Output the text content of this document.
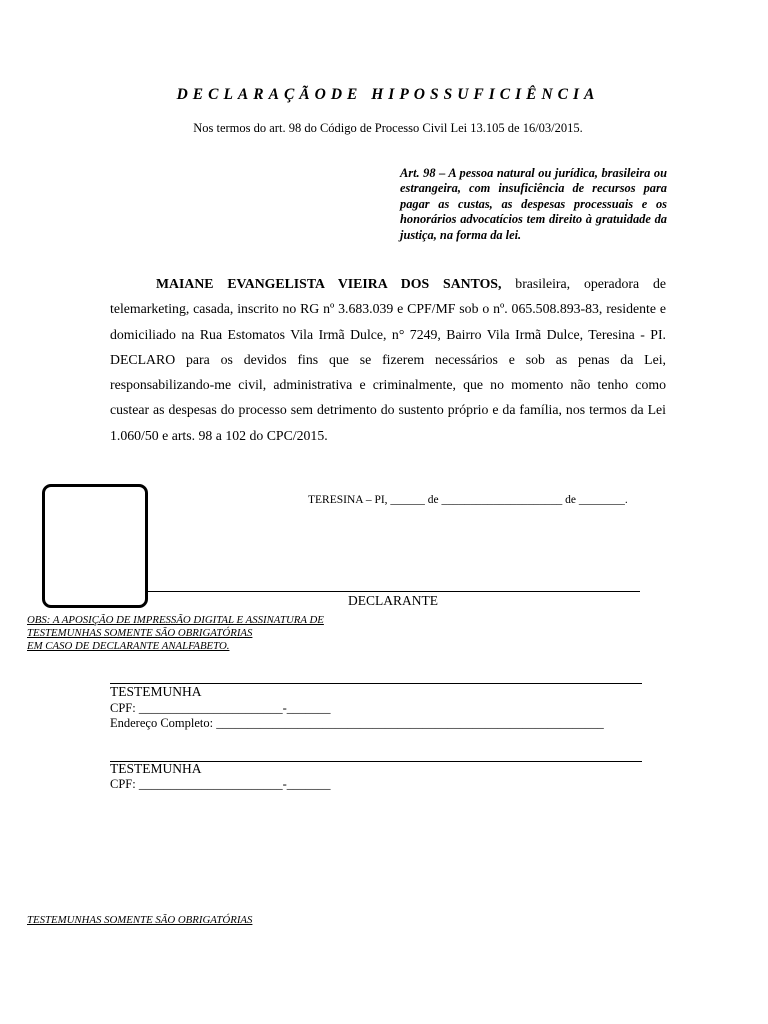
DECLARAÇÃODE HIPOSSUFICIÊNCIA
Nos termos do art. 98 do Código de Processo Civil Lei 13.105 de 16/03/2015.
Art. 98 – A pessoa natural ou jurídica, brasileira ou estrangeira, com insuficiência de recursos para pagar as custas, as despesas processuais e os honorários advocatícios tem direito à gratuidade da justiça, na forma da lei.

MAIANE EVANGELISTA VIEIRA DOS SANTOS, brasileira, operadora de telemarketing, casada, inscrito no RG nº 3.683.039 e CPF/MF sob o nº. 065.508.893-83, residente e domiciliado na Rua Estomatos Vila Irmã Dulce, n° 7249, Bairro Vila Irmã Dulce, Teresina - PI. DECLARO para os devidos fins que se fizerem necessários e sob as penas da Lei, responsabilizando-me civil, administrativa e criminalmente, que no momento não tenho como custear as despesas do processo sem detrimento do sustento próprio e da família, nos termos da Lei 1.060/50 e arts. 98 a 102 do CPC/2015.

TERESINA – PI, ______ de _____________________ de ________.
DECLARANTE
OBS: A APOSIÇÃO DE IMPRESSÃO DIGITAL E ASSINATURA DE
TESTEMUNHAS SOMENTE SÃO OBRIGATÓRIAS
EM CASO DE DECLARANTE ANALFABETO.
TESTEMUNHA
CPF: _______________________-_______
Endereço Completo: ______________________________________________________________
TESTEMUNHA
CPF: _______________________-_______
TESTEMUNHAS SOMENTE SÃO OBRIGATÓRIAS
